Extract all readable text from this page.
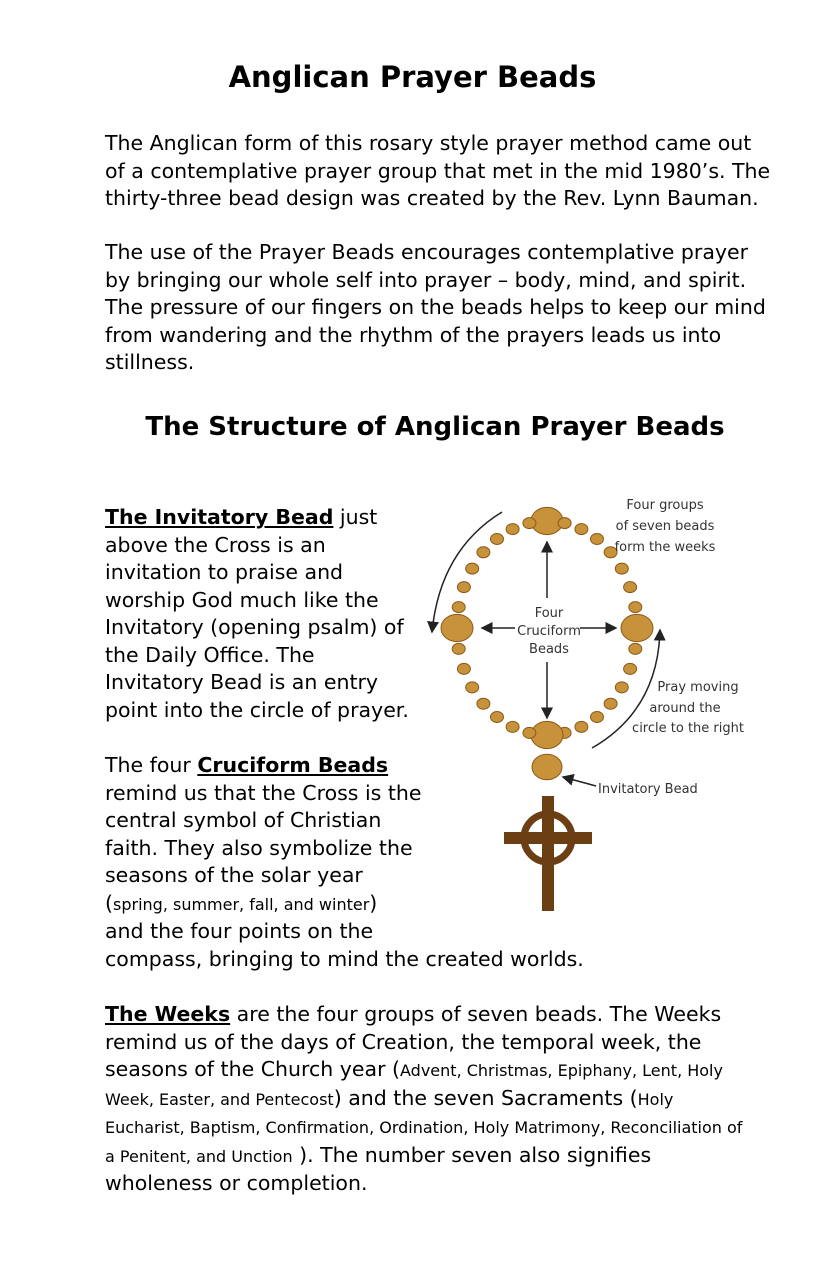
Anglican Prayer Beads

The Anglican form of this rosary style prayer method came out
of a contemplative prayer group that met in the mid 1980’s. The
thirty-three bead design was created by the Rev. Lynn Bauman.

The use of the Prayer Beads encourages contemplative prayer
by bringing our whole self into prayer – body, mind, and spirit.
The pressure of our fingers on the beads helps to keep our mind
from wandering and the rhythm of the prayers leads us into
stillness.

The Structure of Anglican Prayer Beads

The Invitatory Bead just
above the Cross is an
invitation to praise and
worship God much like the
Invitatory (opening psalm) of
the Daily Office. The
Invitatory Bead is an entry
point into the circle of prayer.

The four Cruciform Beads
remind us that the Cross is the
central symbol of Christian
faith. They also symbolize the
seasons of the solar year
(spring, summer, fall, and winter)
and the four points on the
compass, bringing to mind the created worlds.

The Weeks are the four groups of seven beads. The Weeks
remind us of the days of Creation, the temporal week, the
seasons of the Church year (Advent, Christmas, Epiphany, Lent, Holy
Week, Easter, and Pentecost) and the seven Sacraments (Holy
Eucharist, Baptism, Confirmation, Ordination, Holy Matrimony, Reconciliation of
a Penitent, and Unction ). The number seven also signifies
wholeness or completion.

Four groups
of seven beads
form the weeks
Four
Cruciform
Beads
Pray moving
around the
circle to the right
Invitatory Bead
